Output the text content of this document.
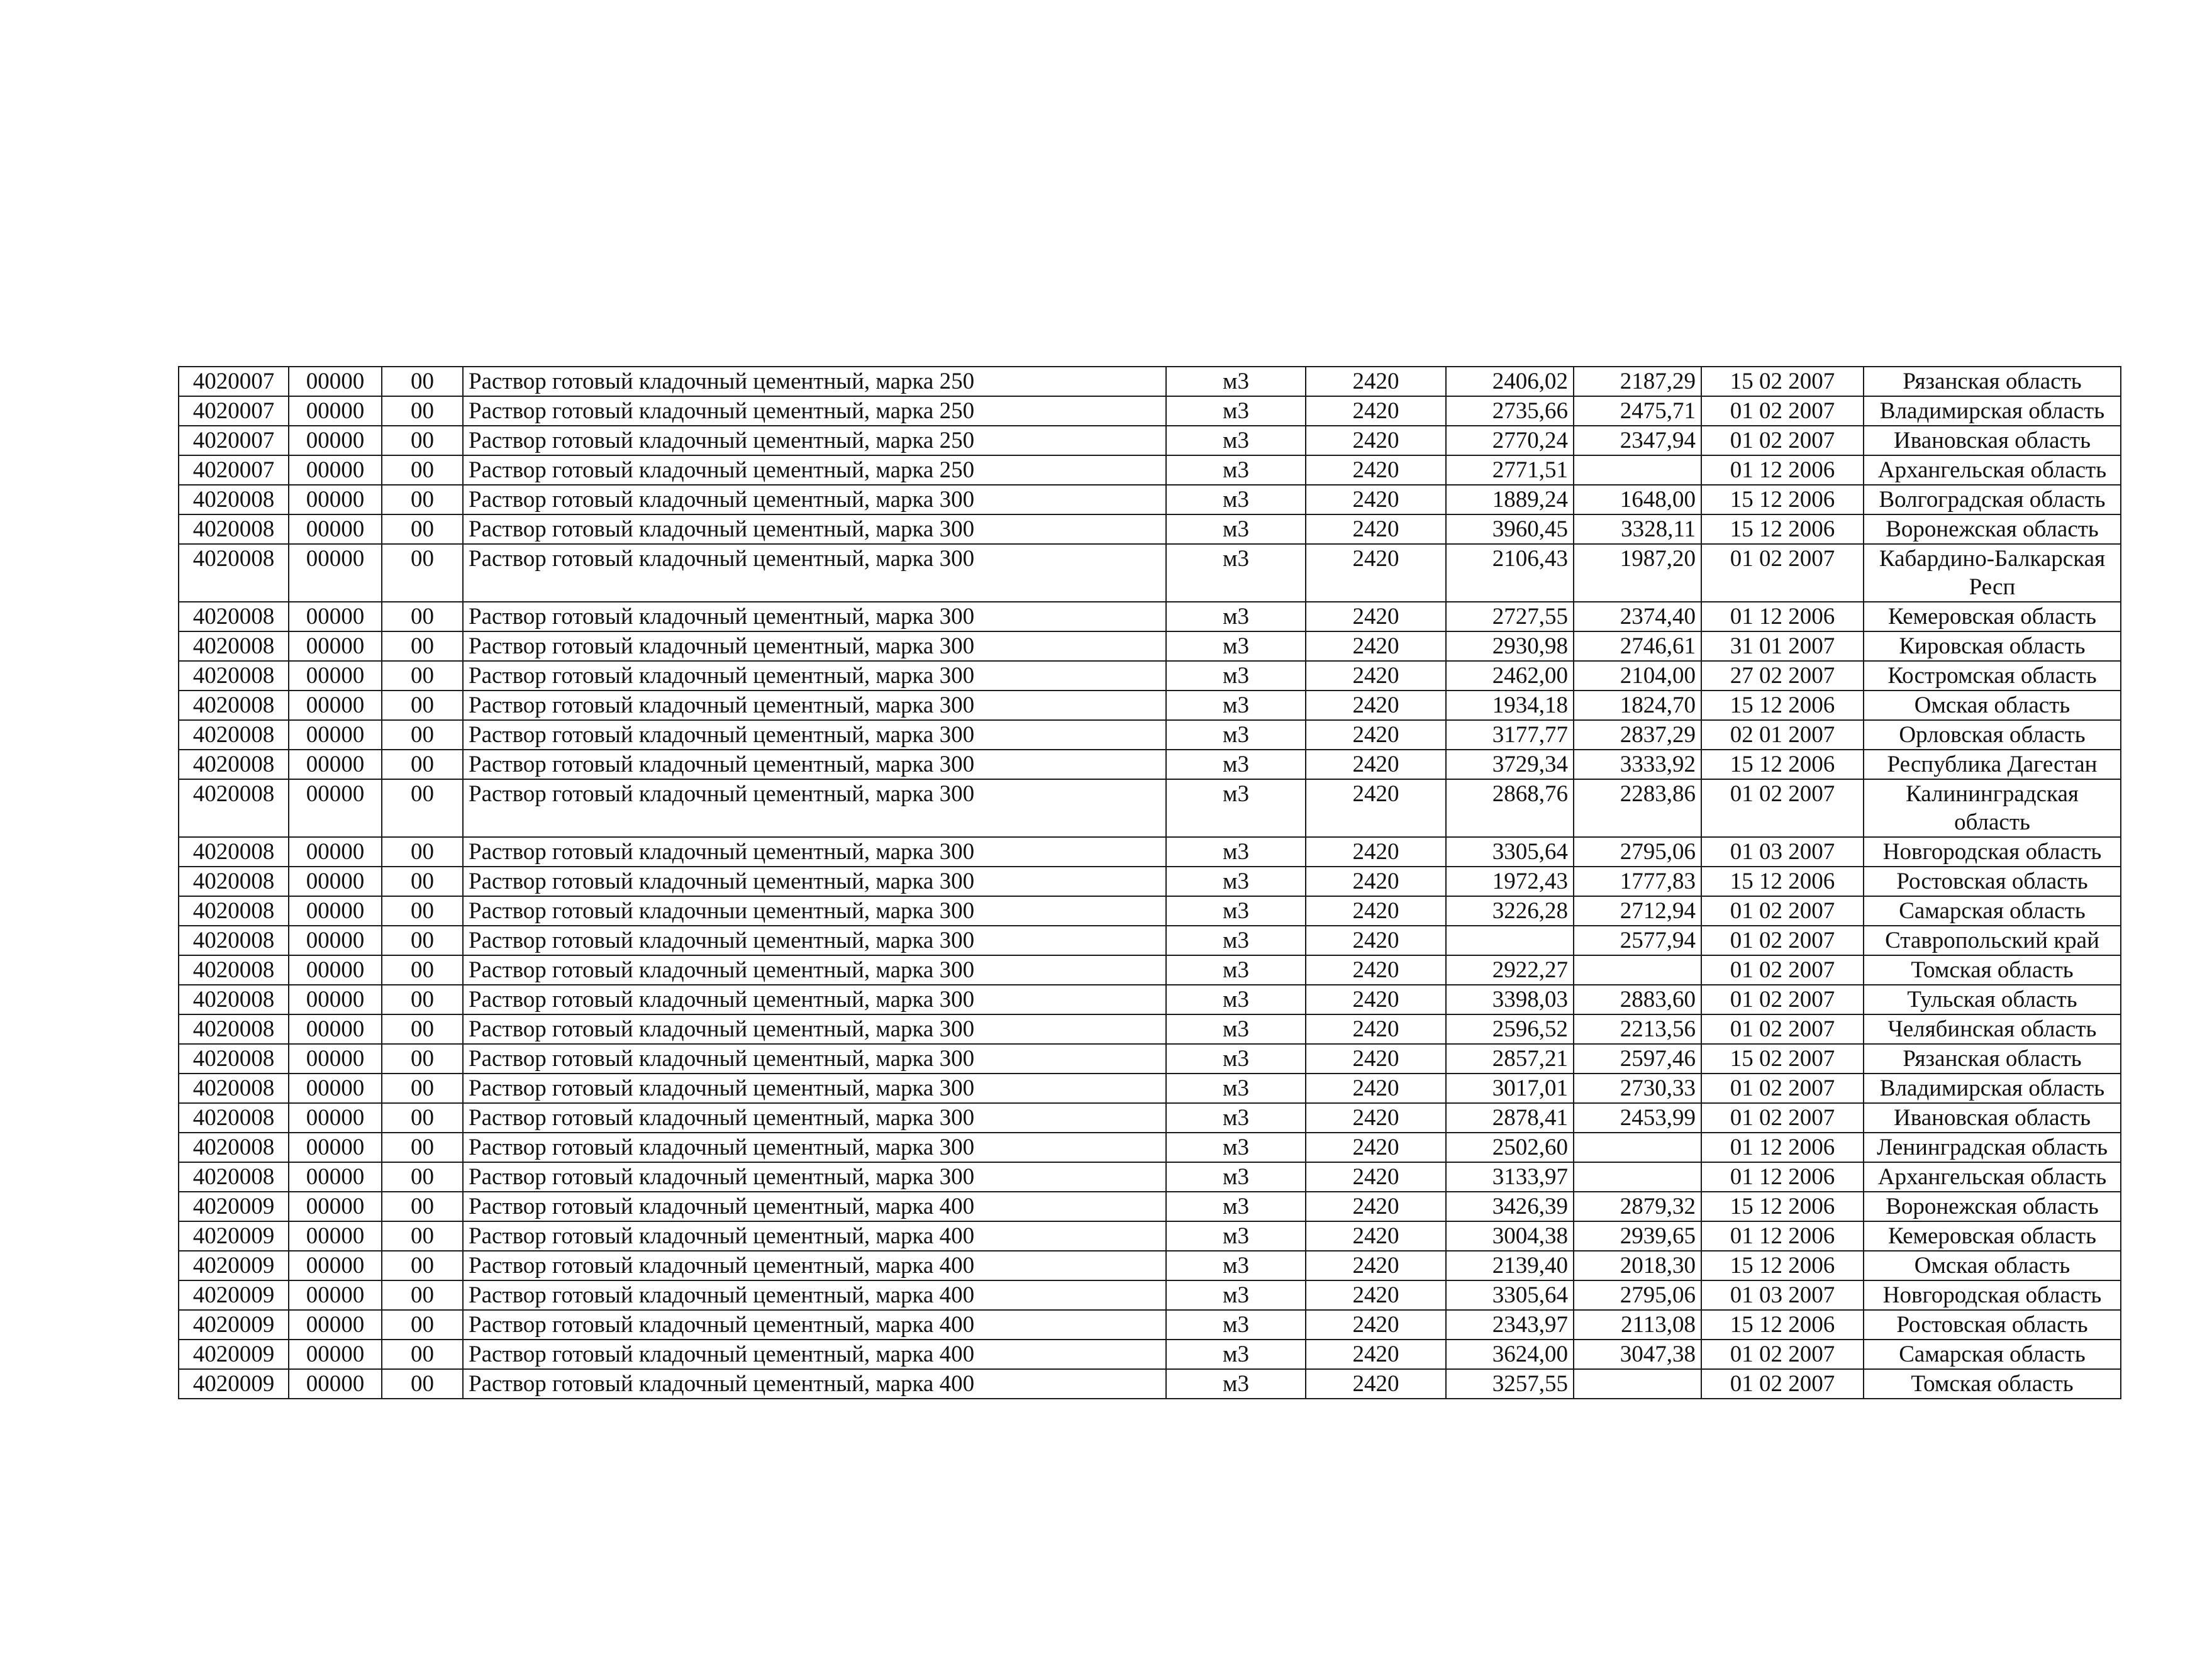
4020007	00000	00	Раствор готовый кладочный цементный, марка 250	м3	2420	2406,02	2187,29	15 02 2007	Рязанская область
4020007	00000	00	Раствор готовый кладочный цементный, марка 250	м3	2420	2735,66	2475,71	01 02 2007	Владимирская область
4020007	00000	00	Раствор готовый кладочный цементный, марка 250	м3	2420	2770,24	2347,94	01 02 2007	Ивановская область
4020007	00000	00	Раствор готовый кладочный цементный, марка 250	м3	2420	2771,51		01 12 2006	Архангельская область
4020008	00000	00	Раствор готовый кладочный цементный, марка 300	м3	2420	1889,24	1648,00	15 12 2006	Волгоградская область
4020008	00000	00	Раствор готовый кладочный цементный, марка 300	м3	2420	3960,45	3328,11	15 12 2006	Воронежская область
4020008	00000	00	Раствор готовый кладочный цементный, марка 300	м3	2420	2106,43	1987,20	01 02 2007	Кабардино-Балкарская Респ
4020008	00000	00	Раствор готовый кладочный цементный, марка 300	м3	2420	2727,55	2374,40	01 12 2006	Кемеровская область
4020008	00000	00	Раствор готовый кладочный цементный, марка 300	м3	2420	2930,98	2746,61	31 01 2007	Кировская область
4020008	00000	00	Раствор готовый кладочный цементный, марка 300	м3	2420	2462,00	2104,00	27 02 2007	Костромская область
4020008	00000	00	Раствор готовый кладочный цементный, марка 300	м3	2420	1934,18	1824,70	15 12 2006	Омская область
4020008	00000	00	Раствор готовый кладочный цементный, марка 300	м3	2420	3177,77	2837,29	02 01 2007	Орловская область
4020008	00000	00	Раствор готовый кладочный цементный, марка 300	м3	2420	3729,34	3333,92	15 12 2006	Республика Дагестан
4020008	00000	00	Раствор готовый кладочный цементный, марка 300	м3	2420	2868,76	2283,86	01 02 2007	Калининградская область
4020008	00000	00	Раствор готовый кладочный цементный, марка 300	м3	2420	3305,64	2795,06	01 03 2007	Новгородская область
4020008	00000	00	Раствор готовый кладочный цементный, марка 300	м3	2420	1972,43	1777,83	15 12 2006	Ростовская область
4020008	00000	00	Раствор готовый кладочныи цементный, марка 300	м3	2420	3226,28	2712,94	01 02 2007	Самарская область
4020008	00000	00	Раствор готовый кладочный цементный, марка 300	м3	2420		2577,94	01 02 2007	Ставропольский край
4020008	00000	00	Раствор готовый кладочный цементный, марка 300	м3	2420	2922,27		01 02 2007	Томская область
4020008	00000	00	Раствор готовый кладочный цементный, марка 300	м3	2420	3398,03	2883,60	01 02 2007	Тульская область
4020008	00000	00	Раствор готовый кладочный цементный, марка 300	м3	2420	2596,52	2213,56	01 02 2007	Челябинская область
4020008	00000	00	Раствор готовый кладочный цементный, марка 300	м3	2420	2857,21	2597,46	15 02 2007	Рязанская область
4020008	00000	00	Раствор готовый кладочный цементный, марка 300	м3	2420	3017,01	2730,33	01 02 2007	Владимирская область
4020008	00000	00	Раствор готовый кладочный цементный, марка 300	м3	2420	2878,41	2453,99	01 02 2007	Ивановская область
4020008	00000	00	Раствор готовый кладочный цементный, марка 300	м3	2420	2502,60		01 12 2006	Ленинградская область
4020008	00000	00	Раствор готовый кладочный цементный, марка 300	м3	2420	3133,97		01 12 2006	Архангельская область
4020009	00000	00	Раствор готовый кладочный цементный, марка 400	м3	2420	3426,39	2879,32	15 12 2006	Воронежская область
4020009	00000	00	Раствор готовый кладочный цементный, марка 400	м3	2420	3004,38	2939,65	01 12 2006	Кемеровская область
4020009	00000	00	Раствор готовый кладочный цементный, марка 400	м3	2420	2139,40	2018,30	15 12 2006	Омская область
4020009	00000	00	Раствор готовый кладочный цементный, марка 400	м3	2420	3305,64	2795,06	01 03 2007	Новгородская область
4020009	00000	00	Раствор готовый кладочный цементный, марка 400	м3	2420	2343,97	2113,08	15 12 2006	Ростовская область
4020009	00000	00	Раствор готовый кладочный цементный, марка 400	м3	2420	3624,00	3047,38	01 02 2007	Самарская область
4020009	00000	00	Раствор готовый кладочный цементный, марка 400	м3	2420	3257,55		01 02 2007	Томская область
